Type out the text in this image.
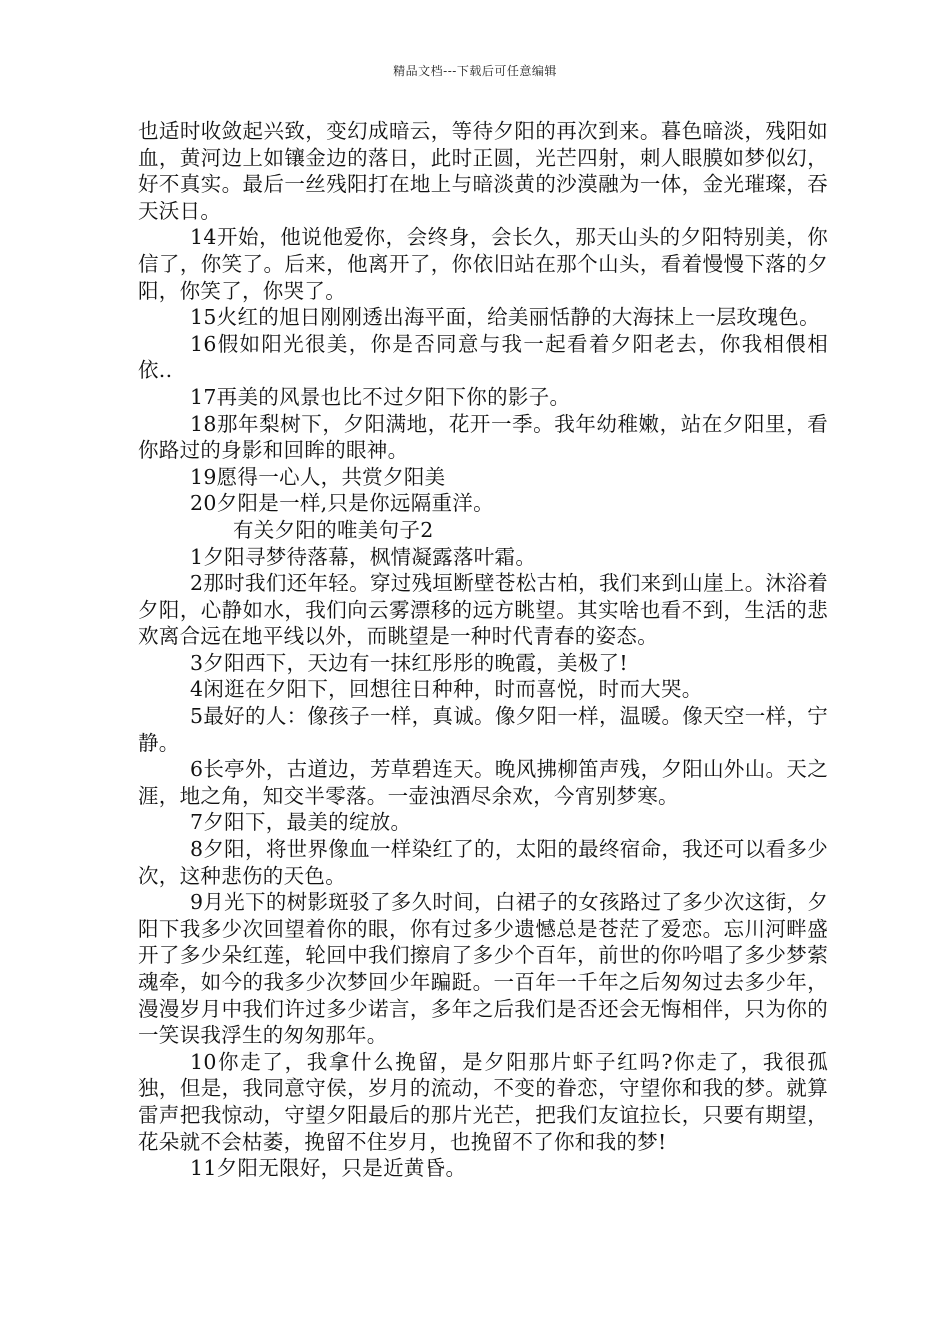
精品文档---下载后可任意编辑

也适时收敛起兴致，变幻成暗云，等待夕阳的再次到来。暮色暗淡，残阳如血，黄河边上如镶金边的落日，此时正圆，光芒四射，刺人眼膜如梦似幻，好不真实。最后一丝残阳打在地上与暗淡黄的沙漠融为一体，金光璀璨，吞天沃日。

14开始，他说他爱你，会终身，会长久，那天山头的夕阳特别美，你信了，你笑了。后来，他离开了，你依旧站在那个山头，看着慢慢下落的夕阳，你笑了，你哭了。

15火红的旭日刚刚透出海平面，给美丽恬静的大海抹上一层玫瑰色。

16假如阳光很美，你是否同意与我一起看着夕阳老去，你我相偎相依..

17再美的风景也比不过夕阳下你的影子。

18那年梨树下，夕阳满地，花开一季。我年幼稚嫩，站在夕阳里，看你路过的身影和回眸的眼神。

19愿得一心人，共赏夕阳美

20夕阳是一样,只是你远隔重洋。

有关夕阳的唯美句子2

1夕阳寻梦待落幕，枫情凝露落叶霜。

2那时我们还年轻。穿过残垣断壁苍松古柏，我们来到山崖上。沐浴着夕阳，心静如水，我们向云雾漂移的远方眺望。其实啥也看不到，生活的悲欢离合远在地平线以外，而眺望是一种时代青春的姿态。

3夕阳西下，天边有一抹红彤彤的晚霞，美极了!

4闲逛在夕阳下，回想往日种种，时而喜悦，时而大哭。

5最好的人：像孩子一样，真诚。像夕阳一样，温暖。像天空一样，宁静。

6长亭外，古道边，芳草碧连天。晚风拂柳笛声残，夕阳山外山。天之涯，地之角，知交半零落。一壶浊酒尽余欢，今宵别梦寒。

7夕阳下，最美的绽放。

8夕阳，将世界像血一样染红了的，太阳的最终宿命，我还可以看多少次，这种悲伤的天色。

9月光下的树影斑驳了多久时间，白裙子的女孩路过了多少次这街，夕阳下我多少次回望着你的眼，你有过多少遗憾总是苍茫了爱恋。忘川河畔盛开了多少朵红莲，轮回中我们擦肩了多少个百年，前世的你吟唱了多少梦萦魂牵，如今的我多少次梦回少年蹁跹。一百年一千年之后匆匆过去多少年，漫漫岁月中我们许过多少诺言，多年之后我们是否还会无悔相伴，只为你的一笑误我浮生的匆匆那年。

10你走了，我拿什么挽留，是夕阳那片虾子红吗?你走了，我很孤独，但是，我同意守侯，岁月的流动，不变的眷恋，守望你和我的梦。就算雷声把我惊动，守望夕阳最后的那片光芒，把我们友谊拉长，只要有期望，花朵就不会枯萎，挽留不住岁月，也挽留不了你和我的梦!

11夕阳无限好，只是近黄昏。
